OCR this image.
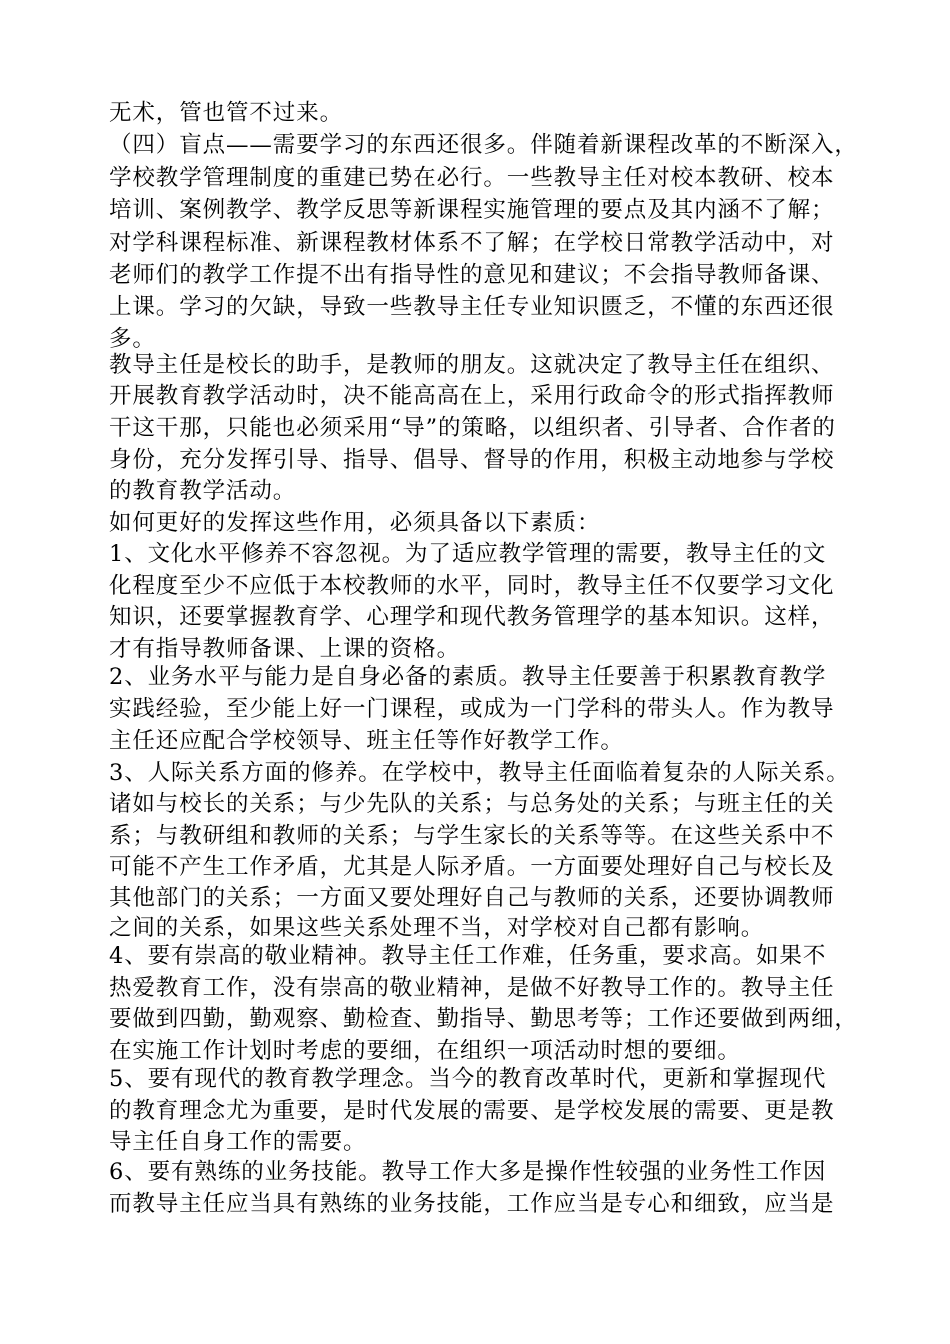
无术，管也管不过来。
（四）盲点——需要学习的东西还很多。伴随着新课程改革的不断深入，
学校教学管理制度的重建已势在必行。一些教导主任对校本教研、校本
培训、案例教学、教学反思等新课程实施管理的要点及其内涵不了解；
对学科课程标准、新课程教材体系不了解；在学校日常教学活动中，对
老师们的教学工作提不出有指导性的意见和建议；不会指导教师备课、
上课。学习的欠缺，导致一些教导主任专业知识匮乏，不懂的东西还很
多。
教导主任是校长的助手，是教师的朋友。这就决定了教导主任在组织、
开展教育教学活动时，决不能高高在上，采用行政命令的形式指挥教师
干这干那，只能也必须采用“导”的策略，以组织者、引导者、合作者的
身份，充分发挥引导、指导、倡导、督导的作用，积极主动地参与学校
的教育教学活动。
如何更好的发挥这些作用，必须具备以下素质：
1、文化水平修养不容忽视。为了适应教学管理的需要，教导主任的文
化程度至少不应低于本校教师的水平，同时，教导主任不仅要学习文化
知识，还要掌握教育学、心理学和现代教务管理学的基本知识。这样，
才有指导教师备课、上课的资格。
2、业务水平与能力是自身必备的素质。教导主任要善于积累教育教学
实践经验，至少能上好一门课程，或成为一门学科的带头人。作为教导
主任还应配合学校领导、班主任等作好教学工作。
3、人际关系方面的修养。在学校中，教导主任面临着复杂的人际关系。
诸如与校长的关系；与少先队的关系；与总务处的关系；与班主任的关
系；与教研组和教师的关系；与学生家长的关系等等。在这些关系中不
可能不产生工作矛盾，尤其是人际矛盾。一方面要处理好自己与校长及
其他部门的关系；一方面又要处理好自己与教师的关系，还要协调教师
之间的关系，如果这些关系处理不当，对学校对自己都有影响。
4、要有崇高的敬业精神。教导主任工作难，任务重，要求高。如果不
热爱教育工作，没有崇高的敬业精神，是做不好教导工作的。教导主任
要做到四勤，勤观察、勤检查、勤指导、勤思考等；工作还要做到两细，
在实施工作计划时考虑的要细，在组织一项活动时想的要细。
5、要有现代的教育教学理念。当今的教育改革时代，更新和掌握现代
的教育理念尤为重要，是时代发展的需要、是学校发展的需要、更是教
导主任自身工作的需要。
6、要有熟练的业务技能。教导工作大多是操作性较强的业务性工作因
而教导主任应当具有熟练的业务技能，工作应当是专心和细致，应当是
